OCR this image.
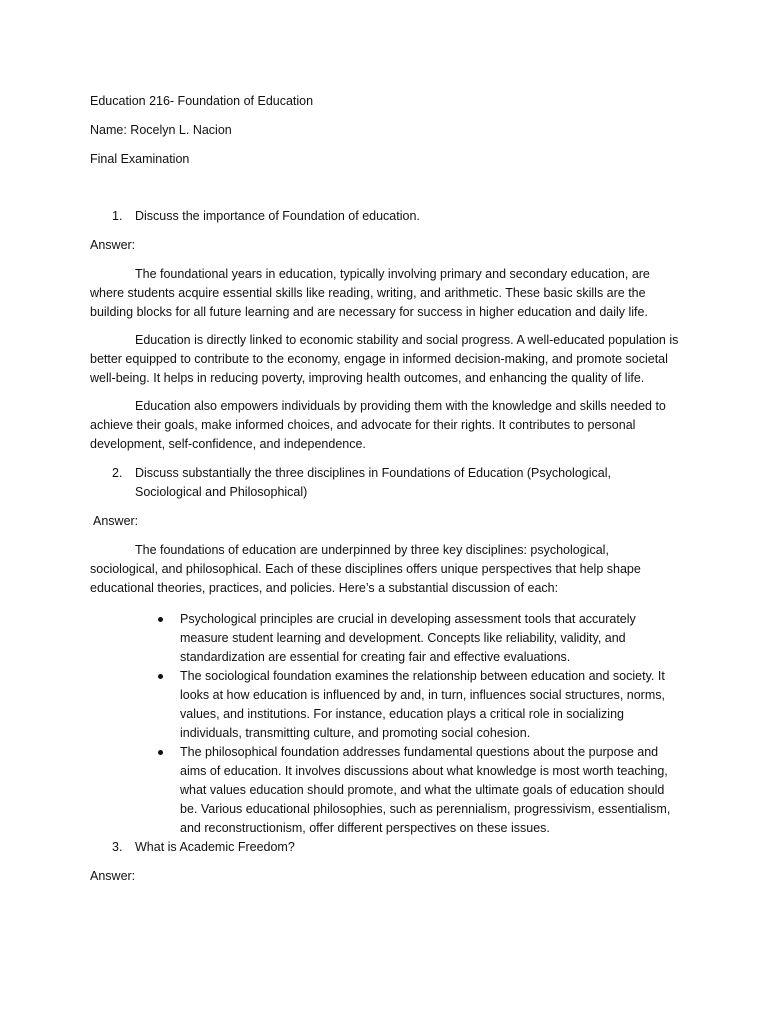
Education 216- Foundation of Education

Name: Rocelyn L. Nacion

Final Examination

1. Discuss the importance of Foundation of education.

Answer:

The foundational years in education, typically involving primary and secondary education, are where students acquire essential skills like reading, writing, and arithmetic. These basic skills are the building blocks for all future learning and are necessary for success in higher education and daily life.

Education is directly linked to economic stability and social progress. A well-educated population is better equipped to contribute to the economy, engage in informed decision-making, and promote societal well-being. It helps in reducing poverty, improving health outcomes, and enhancing the quality of life.

Education also empowers individuals by providing them with the knowledge and skills needed to achieve their goals, make informed choices, and advocate for their rights. It contributes to personal development, self-confidence, and independence.

2. Discuss substantially the three disciplines in Foundations of Education (Psychological, Sociological and Philosophical)

Answer:

The foundations of education are underpinned by three key disciplines: psychological, sociological, and philosophical. Each of these disciplines offers unique perspectives that help shape educational theories, practices, and policies. Here’s a substantial discussion of each:

Psychological principles are crucial in developing assessment tools that accurately measure student learning and development. Concepts like reliability, validity, and standardization are essential for creating fair and effective evaluations.
The sociological foundation examines the relationship between education and society. It looks at how education is influenced by and, in turn, influences social structures, norms, values, and institutions. For instance, education plays a critical role in socializing individuals, transmitting culture, and promoting social cohesion.
The philosophical foundation addresses fundamental questions about the purpose and aims of education. It involves discussions about what knowledge is most worth teaching, what values education should promote, and what the ultimate goals of education should be. Various educational philosophies, such as perennialism, progressivism, essentialism, and reconstructionism, offer different perspectives on these issues.
3. What is Academic Freedom?

Answer:
